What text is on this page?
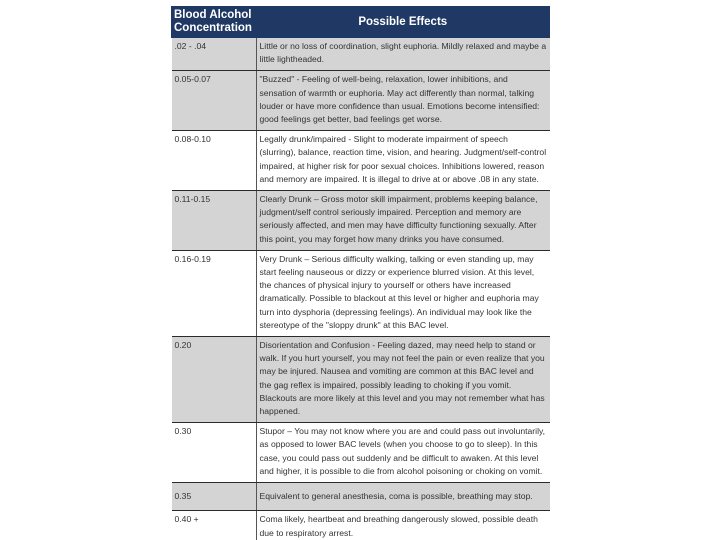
Blood Alcohol Concentration	Possible Effects
.02 - .04	Little or no loss of coordination, slight euphoria. Mildly relaxed and maybe a little lightheaded.
0.05-0.07	"Buzzed" - Feeling of well-being, relaxation, lower inhibitions, and sensation of warmth or euphoria. May act differently than normal, talking louder or have more confidence than usual. Emotions become intensified: good feelings get better, bad feelings get worse.
0.08-0.10	Legally drunk/impaired - Slight to moderate impairment of speech (slurring), balance, reaction time, vision, and hearing. Judgment/self-control impaired, at higher risk for poor sexual choices. Inhibitions lowered, reason and memory are impaired. It is illegal to drive at or above .08 in any state.
0.11-0.15	Clearly Drunk – Gross motor skill impairment, problems keeping balance, judgment/self control seriously impaired. Perception and memory are seriously affected, and men may have difficulty functioning sexually. After this point, you may forget how many drinks you have consumed.
0.16-0.19	Very Drunk – Serious difficulty walking, talking or even standing up, may start feeling nauseous or dizzy or experience blurred vision. At this level, the chances of physical injury to yourself or others have increased dramatically. Possible to blackout at this level or higher and euphoria may turn into dysphoria (depressing feelings). An individual may look like the stereotype of the "sloppy drunk" at this BAC level.
0.20	Disorientation and Confusion - Feeling dazed, may need help to stand or walk. If you hurt yourself, you may not feel the pain or even realize that you may be injured. Nausea and vomiting are common at this BAC level and the gag reflex is impaired, possibly leading to choking if you vomit. Blackouts are more likely at this level and you may not remember what has happened.
0.30	Stupor – You may not know where you are and could pass out involuntarily, as opposed to lower BAC levels (when you choose to go to sleep). In this case, you could pass out suddenly and be difficult to awaken. At this level and higher, it is possible to die from alcohol poisoning or choking on vomit.
0.35	Equivalent to general anesthesia, coma is possible, breathing may stop.
0.40 +	Coma likely, heartbeat and breathing dangerously slowed, possible death due to respiratory arrest.
